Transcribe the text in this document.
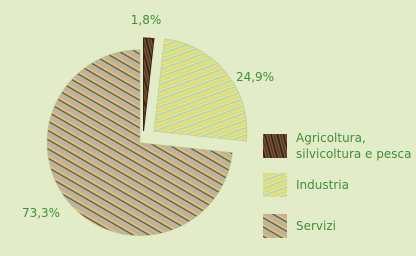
1,8%
24,9%
73,3%
Agricoltura,
silvicoltura e pesca
Industria
Servizi
